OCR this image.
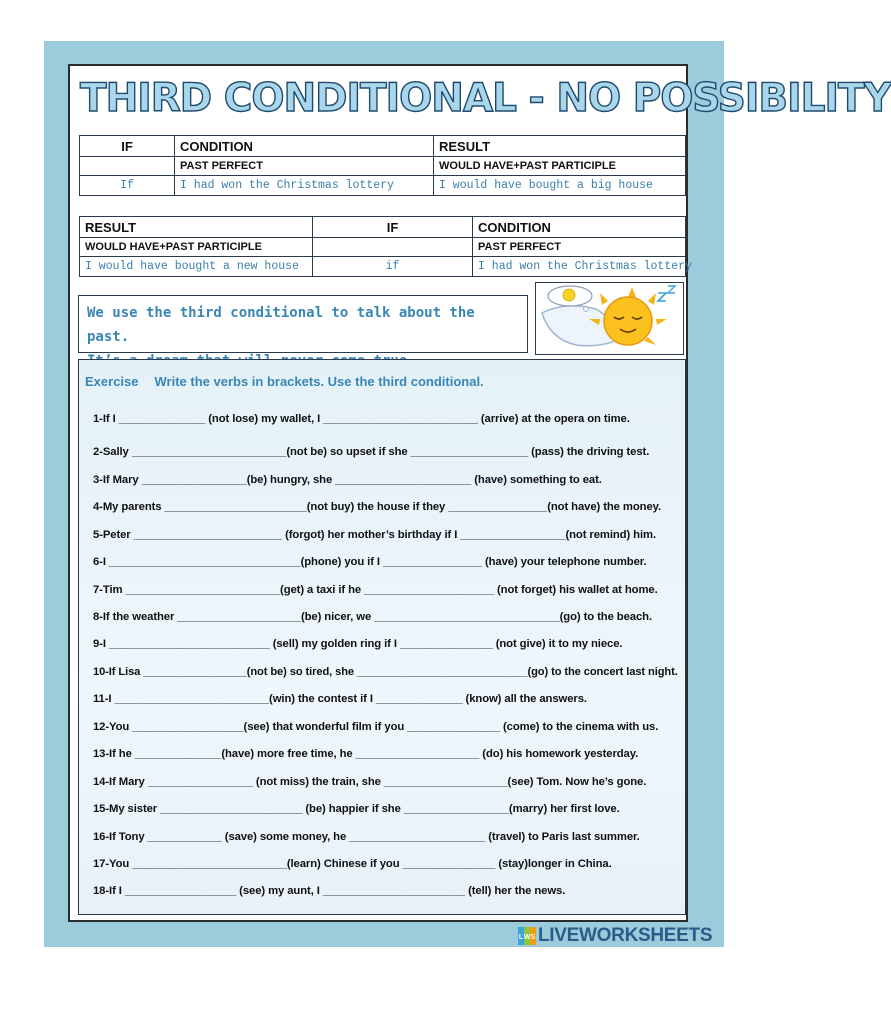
THIRD CONDITIONAL - NO POSSIBILITY
IF	CONDITION	RESULT
	PAST PERFECT	WOULD HAVE+PAST PARTICIPLE
If	I had won the Christmas lottery	I would have bought a big house
RESULT	IF	CONDITION
WOULD HAVE+PAST PARTICIPLE		PAST PERFECT
I would have bought a new house	if	I had won the Christmas lottery
We use the third conditional to talk about the past.
Exercise Write the verbs in brackets. Use the third conditional.
1-If I ______________ (not lose) my wallet, I _________________________ (arrive) at the opera on time.
2-Sally _________________________(not be) so upset if she ___________________ (pass) the driving test.
3-If Mary _________________(be) hungry, she ______________________ (have) something to eat.
4-My parents _______________________(not buy) the house if they ________________(not have) the money.
5-Peter ________________________ (forgot) her mother’s birthday if I _________________(not remind) him.
6-I _______________________________(phone) you if I ________________ (have) your telephone number.
7-Tim _________________________(get) a taxi if he _____________________ (not forget) his wallet at home.
8-If the weather ____________________(be) nicer, we ______________________________(go) to the beach.
9-I __________________________ (sell) my golden ring if I _______________ (not give) it to my niece.
10-If Lisa _________________(not be) so tired, she ____________________________(go) to the concert last night.
11-I _________________________(win) the contest if I ______________ (know) all the answers.
12-You __________________(see) that wonderful film if you _______________ (come) to the cinema with us.
13-If he ______________(have) more free time, he ____________________ (do) his homework yesterday.
14-If Mary _________________ (not miss) the train, she ____________________(see) Tom. Now he’s gone.
15-My sister _______________________ (be) happier if she _________________(marry) her first love.
16-If Tony ____________ (save) some money, he ______________________ (travel) to Paris last summer.
17-You _________________________(learn) Chinese if you _______________ (stay)longer in China.
18-If I __________________ (see) my aunt, I _______________________ (tell) her the news.
L W S LIVEWORKSHEETS
